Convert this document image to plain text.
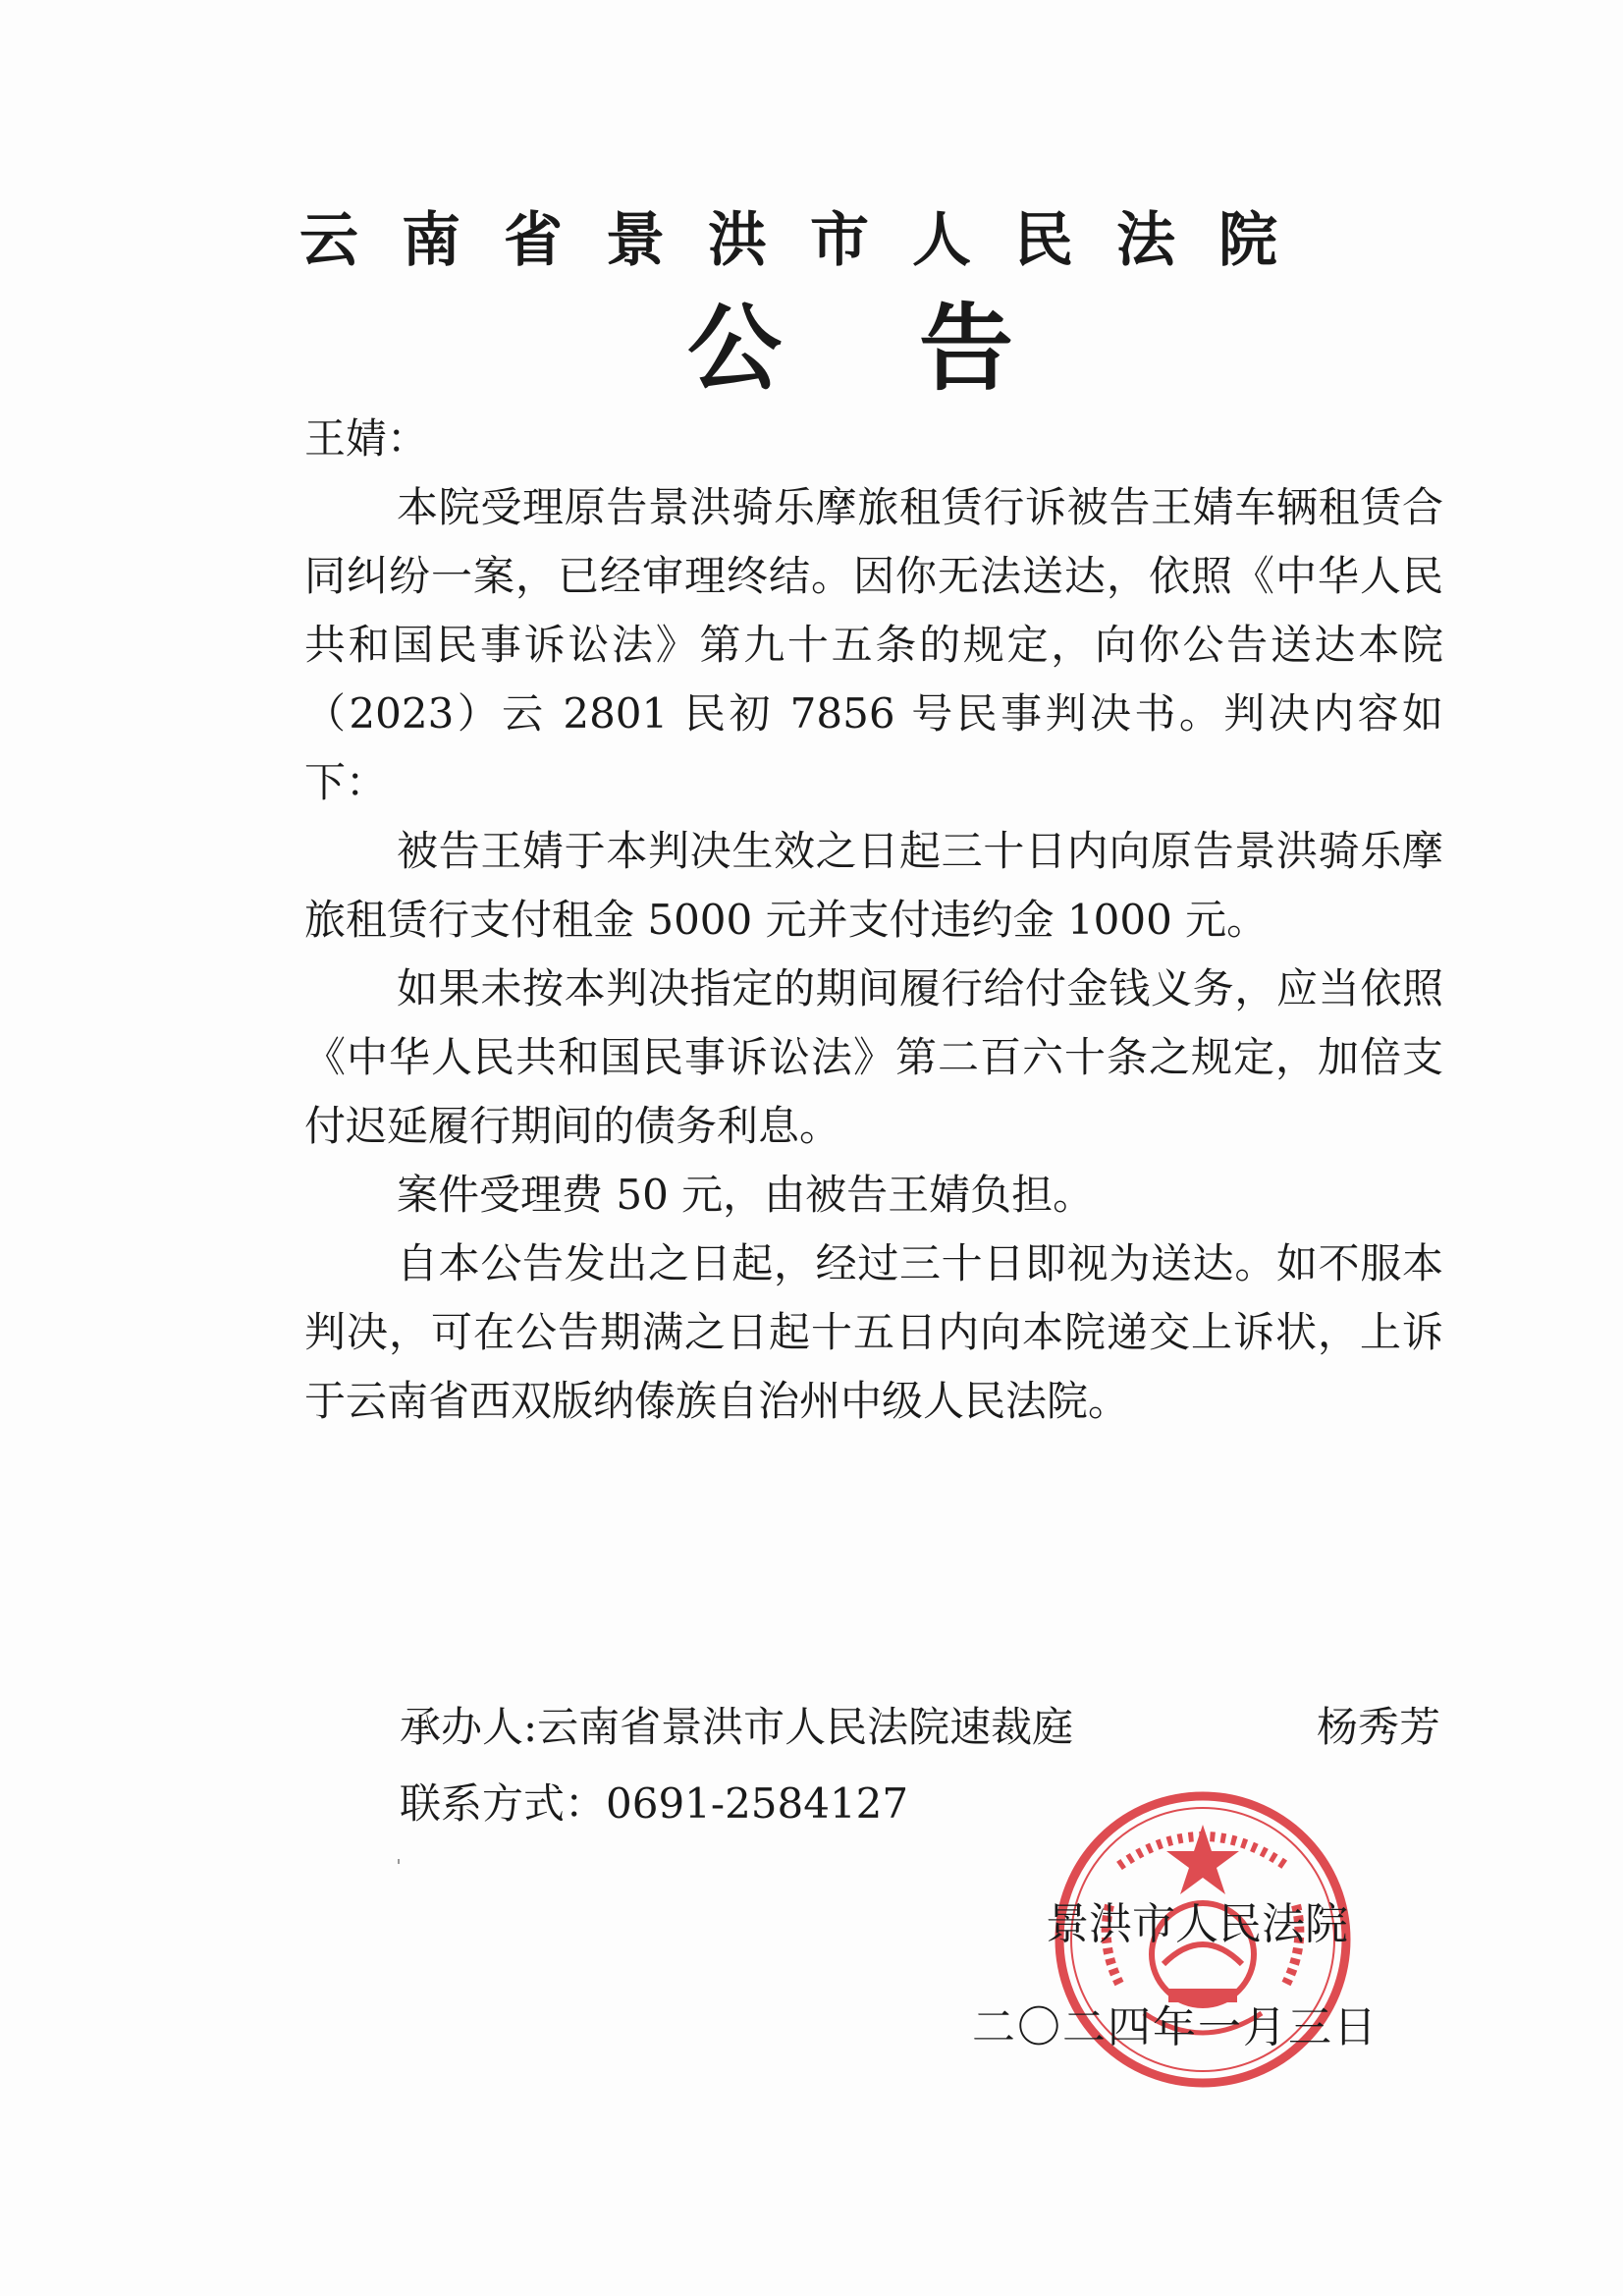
云南省景洪市人民法院
公告

王婧：

本院受理原告景洪骑乐摩旅租赁行诉被告王婧车辆租赁合同纠纷一案，已经审理终结。因你无法送达，依照《中华人民共和国民事诉讼法》第九十五条的规定，向你公告送达本院（2023）云 2801 民初 7856 号民事判决书。判决内容如下：

被告王婧于本判决生效之日起三十日内向原告景洪骑乐摩旅租赁行支付租金 5000 元并支付违约金 1000 元。

如果未按本判决指定的期间履行给付金钱义务，应当依照《中华人民共和国民事诉讼法》第二百六十条之规定，加倍支付迟延履行期间的债务利息。

案件受理费 50 元，由被告王婧负担。

自本公告发出之日起，经过三十日即视为送达。如不服本判决，可在公告期满之日起十五日内向本院递交上诉状，上诉于云南省西双版纳傣族自治州中级人民法院。

承办人:云南省景洪市人民法院速裁庭	杨秀芳
联系方式：0691-2584127
景洪市人民法院
二〇二四年一月三日
